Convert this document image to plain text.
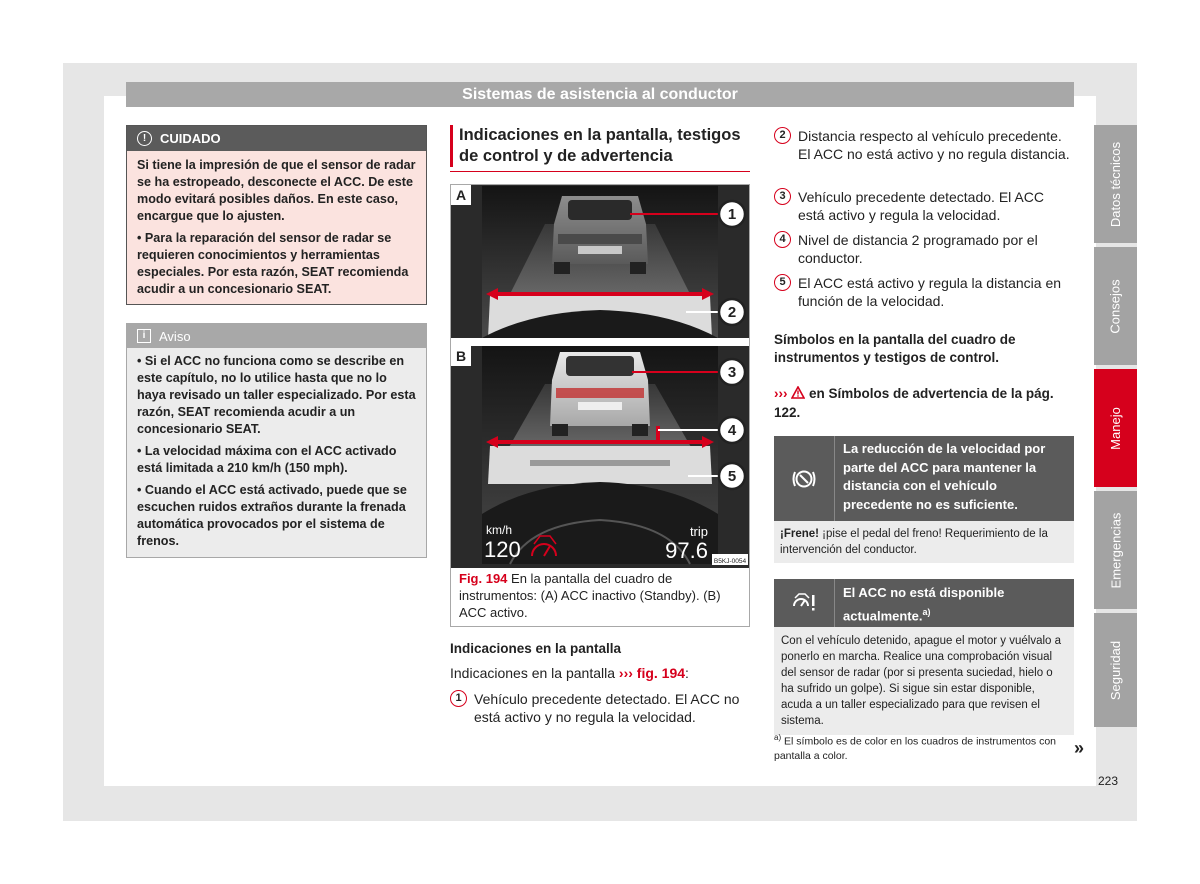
Sistemas de asistencia al conductor
Datos técnicos
Consejos
Manejo
Emergencias
Seguridad
!	CUIDADO

Si tiene la impresión de que el sensor de radar se ha estropeado, desconecte el ACC. De este modo evitará posibles daños. En este caso, encargue que lo ajusten.

• Para la reparación del sensor de radar se requieren conocimientos y herramientas especiales. Por esta razón, SEAT recomienda acudir a un concesionario SEAT.

i	Aviso

• Si el ACC no funciona como se describe en este capítulo, no lo utilice hasta que no lo haya revisado un taller especializado. Por esta razón, SEAT recomienda acudir a un concesionario SEAT.

• La velocidad máxima con el ACC activado está limitada a 210 km/h (150 mph).

• Cuando el ACC está activado, puede que se escuchen ruidos extraños durante la frenada automática provocados por el sistema de frenos.

Indicaciones en la pantalla, testigos
de control y de advertencia
A
B
1
2
3
4
5
km/h
120
trip
97.6 B5KJ-0054
Fig. 194 En la pantalla del cuadro de instrumentos: (A) ACC inactivo (Standby). (B) ACC activo.
Indicaciones en la pantalla
Indicaciones en la pantalla ››› fig. 194:
1 Vehículo precedente detectado. El ACC no está activo y no regula la velocidad.
2 Distancia respecto al vehículo precedente. El ACC no está activo y no regula distancia.
3 Vehículo precedente detectado. El ACC está activo y regula la velocidad.
4 Nivel de distancia 2 programado por el conductor.
5 El ACC está activo y regula la distancia en función de la velocidad.
Símbolos en la pantalla del cuadro de instrumentos y testigos de control.
›››  en Símbolos de advertencia de la pág. 122.
La reducción de la velocidad por parte del ACC para mantener la distancia con el vehículo precedente no es suficiente.
¡Frene! ¡pise el pedal del freno! Requerimiento de la intervención del conductor.
El ACC no está disponible actualmente.$^{a)}$
Con el vehículo detenido, apague el motor y vuélvalo a ponerlo en marcha. Realice una comprobación visual del sensor de radar (por si presenta suciedad, hielo o ha sufrido un golpe). Si sigue sin estar disponible, acuda a un taller especializado para que revisen el sistema.
$^{a)}$ El símbolo es de color en los cuadros de instrumentos con pantalla a color.	»
223
